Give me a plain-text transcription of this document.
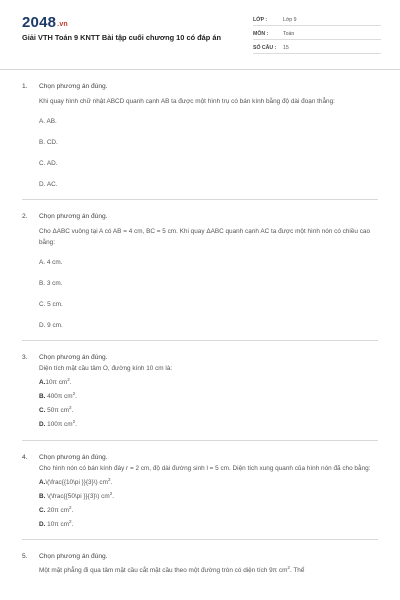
2048.vn
Giải VTH Toán 9 KNTT Bài tập cuối chương 10 có đáp án
LỚP :	Lớp 9
MÔN :	Toán
SỐ CÂU :	15
1.	Chọn phương án đúng.
Khi quay hình chữ nhật ABCD quanh cạnh AB ta được một hình trụ có bán kính bằng độ dài đoạn thẳng:
A. AB.
B. CD.
C. AD.
D. AC.
2.	Chọn phương án đúng.
Cho ΔABC vuông tại A có AB = 4 cm, BC = 5 cm. Khi quay ΔABC quanh cạnh AC ta được một hình nón có chiều cao bằng:
A. 4 cm.
B. 3 cm.
C. 5 cm.
D. 9 cm.
3.	Chọn phương án đúng.
Diện tích mặt cầu tâm O, đường kính 10 cm là:
A.10π $cm^2$.
B. 400π $cm^2$.
C. 50π $cm^2$.
D. 100π $cm^2$.
4.	Chọn phương án đúng.
Cho hình nón có bán kính đáy r = 2 cm, độ dài đường sinh l = 5 cm. Diện tích xung quanh của hình nón đã cho bằng:
A.\(\frac{{10\pi }}{3}\) $cm^2$.
B. \(\frac{{50\pi }}{3}\) $cm^2$.
C. 20π $cm^2$.
D. 10π $cm^2$.
5.	Chọn phương án đúng.
Một mặt phẳng đi qua tâm mặt cầu cắt mặt cầu theo một đường tròn có diện tích 9π $cm^2$. Thể
